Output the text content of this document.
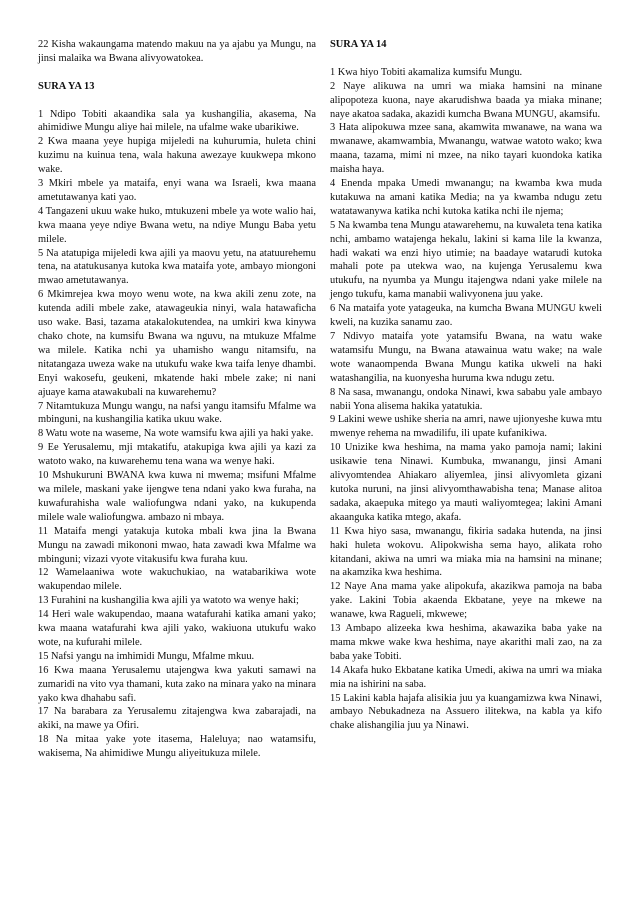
22 Kisha wakaungama matendo makuu na ya ajabu ya Mungu, na jinsi malaika wa Bwana alivyowatokea.

SURA YA 13

1 Ndipo Tobiti akaandika sala ya kushangilia, akasema, Na ahimidiwe Mungu aliye hai milele, na ufalme wake ubarikiwe.

2 Kwa maana yeye hupiga mijeledi na kuhurumia, huleta chini kuzimu na kuinua tena, wala hakuna awezaye kuukwepa mkono wake.

3 Mkiri mbele ya mataifa, enyi wana wa Israeli, kwa maana ametutawanya kati yao.

4 Tangazeni ukuu wake huko, mtukuzeni mbele ya wote walio hai, kwa maana yeye ndiye Bwana wetu, na ndiye Mungu Baba yetu milele.

5 Na atatupiga mijeledi kwa ajili ya maovu yetu, na atatuurehemu tena, na atatukusanya kutoka kwa mataifa yote, ambayo miongoni mwao ametutawanya.

6 Mkimrejea kwa moyo wenu wote, na kwa akili zenu zote, na kutenda adili mbele zake, atawageukia ninyi, wala hatawaficha uso wake. Basi, tazama atakalokutendea, na umkiri kwa kinywa chako chote, na kumsifu Bwana wa nguvu, na mtukuze Mfalme wa milele. Katika nchi ya uhamisho wangu nitamsifu, na nitatangaza uweza wake na utukufu wake kwa taifa lenye dhambi. Enyi wakosefu, geukeni, mkatende haki mbele zake; ni nani ajuaye kama atawakubali na kuwarehemu?

7 Nitamtukuza Mungu wangu, na nafsi yangu itamsifu Mfalme wa mbinguni, na kushangilia katika ukuu wake.

8 Watu wote na waseme, Na wote wamsifu kwa ajili ya haki yake.

9 Ee Yerusalemu, mji mtakatifu, atakupiga kwa ajili ya kazi za watoto wako, na kuwarehemu tena wana wa wenye haki.

10 Mshukuruni BWANA kwa kuwa ni mwema; msifuni Mfalme wa milele, maskani yake ijengwe tena ndani yako kwa furaha, na kuwafurahisha wale waliofungwa ndani yako, na kukupenda milele wale waliofungwa. ambazo ni mbaya.

11 Mataifa mengi yatakuja kutoka mbali kwa jina la Bwana Mungu na zawadi mikononi mwao, hata zawadi kwa Mfalme wa mbinguni; vizazi vyote vitakusifu kwa furaha kuu.

12 Wamelaaniwa wote wakuchukiao, na watabarikiwa wote wakupendao milele.

13 Furahini na kushangilia kwa ajili ya watoto wa wenye haki;

14 Heri wale wakupendao, maana watafurahi katika amani yako; kwa maana watafurahi kwa ajili yako, wakiuona utukufu wako wote, na kufurahi milele.

15 Nafsi yangu na imhimidi Mungu, Mfalme mkuu.

16 Kwa maana Yerusalemu utajengwa kwa yakuti samawi na zumaridi na vito vya thamani, kuta zako na minara yako na minara yako kwa dhahabu safi.

17 Na barabara za Yerusalemu zitajengwa kwa zabarajadi, na akiki, na mawe ya Ofiri.

18 Na mitaa yake yote itasema, Haleluya; nao watamsifu, wakisema, Na ahimidiwe Mungu aliyeitukuza milele.

SURA YA 14

1 Kwa hiyo Tobiti akamaliza kumsifu Mungu.

2 Naye alikuwa na umri wa miaka hamsini na minane alipopoteza kuona, naye akarudishwa baada ya miaka minane; naye akatoa sadaka, akazidi kumcha Bwana MUNGU, akamsifu.

3 Hata alipokuwa mzee sana, akamwita mwanawe, na wana wa mwanawe, akamwambia, Mwanangu, watwae watoto wako; kwa maana, tazama, mimi ni mzee, na niko tayari kuondoka katika maisha haya.

4 Enenda mpaka Umedi mwanangu; na kwamba kwa muda kutakuwa na amani katika Media; na ya kwamba ndugu zetu watatawanywa katika nchi kutoka katika nchi ile njema;

5 Na kwamba tena Mungu atawarehemu, na kuwaleta tena katika nchi, ambamo watajenga hekalu, lakini si kama lile la kwanza, hadi wakati wa enzi hiyo utimie; na baadaye watarudi kutoka mahali pote pa utekwa wao, na kujenga Yerusalemu kwa utukufu, na nyumba ya Mungu itajengwa ndani yake milele na jengo tukufu, kama manabii walivyonena juu yake.

6 Na mataifa yote yatageuka, na kumcha Bwana MUNGU kweli kweli, na kuzika sanamu zao.

7 Ndivyo mataifa yote yatamsifu Bwana, na watu wake watamsifu Mungu, na Bwana atawainua watu wake; na wale wote wanaompenda Bwana Mungu katika ukweli na haki watashangilia, na kuonyesha huruma kwa ndugu zetu.

8 Na sasa, mwanangu, ondoka Ninawi, kwa sababu yale ambayo nabii Yona alisema hakika yatatukia.

9 Lakini wewe ushike sheria na amri, nawe ujionyeshe kuwa mtu mwenye rehema na mwadilifu, ili upate kufanikiwa.

10 Unizike kwa heshima, na mama yako pamoja nami; lakini usikawie tena Ninawi. Kumbuka, mwanangu, jinsi Amani alivyomtendea Ahiakaro aliyemlea, jinsi alivyomleta gizani kutoka nuruni, na jinsi alivyomthawabisha tena; Manase alitoa sadaka, akaepuka mitego ya mauti waliyomtegea; lakini Amani akaanguka katika mtego, akafa.

11 Kwa hiyo sasa, mwanangu, fikiria sadaka hutenda, na jinsi haki huleta wokovu. Alipokwisha sema hayo, alikata roho kitandani, akiwa na umri wa miaka mia na hamsini na minane; na akamzika kwa heshima.

12 Naye Ana mama yake alipokufa, akazikwa pamoja na baba yake. Lakini Tobia akaenda Ekbatane, yeye na mkewe na wanawe, kwa Ragueli, mkwewe;

13 Ambapo alizeeka kwa heshima, akawazika baba yake na mama mkwe wake kwa heshima, naye akarithi mali zao, na za baba yake Tobiti.

14 Akafa huko Ekbatane katika Umedi, akiwa na umri wa miaka mia na ishirini na saba.

15 Lakini kabla hajafa alisikia juu ya kuangamizwa kwa Ninawi, ambayo Nebukadneza na Assuero ilitekwa, na kabla ya kifo chake alishangilia juu ya Ninawi.
